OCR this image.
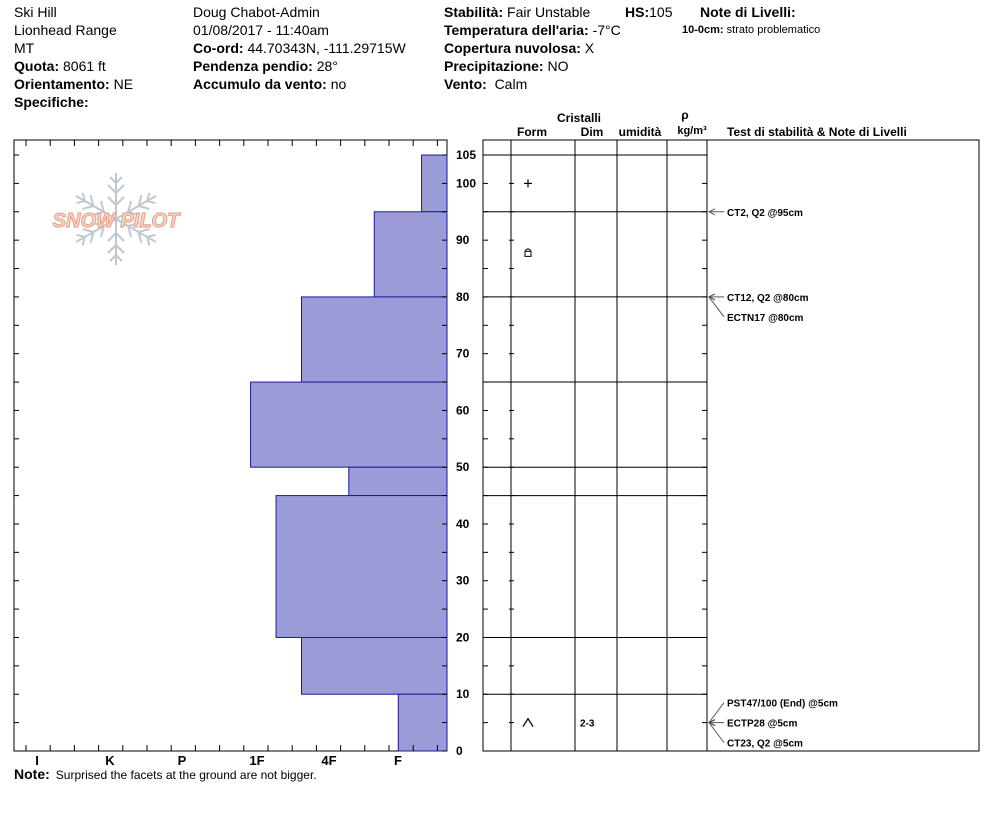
Ski Hill
Lionhead Range
MT
Quota: 8061 ft
Orientamento: NE
Specifiche:
Doug Chabot-Admin
01/08/2017 - 11:40am
Co-ord: 44.70343N, -111.29715W
Pendenza pendio: 28°
Accumulo da vento: no
Stabilità: Fair Unstable HS:105
Temperatura dell'aria: -7°C
Copertura nuvolosa: X
Precipitazione: NO
Vento: Calm
Note di Livelli:
10-0cm: strato problematico
SNOW PILOT
0
10
20
30
40
50
60
70
80
90
100
105
I	K	P	1F	4F	F
2-3
PST47/100 (End) @5cm
ECTP28 @5cm
CT23, Q2 @5cm
CT12, Q2 @80cm
ECTN17 @80cm
CT2, Q2 @95cm
Cristalli
Form	Dim umidità
ρ
kg/m³ Test di stabilità & Note di Livelli
Note: Surprised the facets at the ground are not bigger.
